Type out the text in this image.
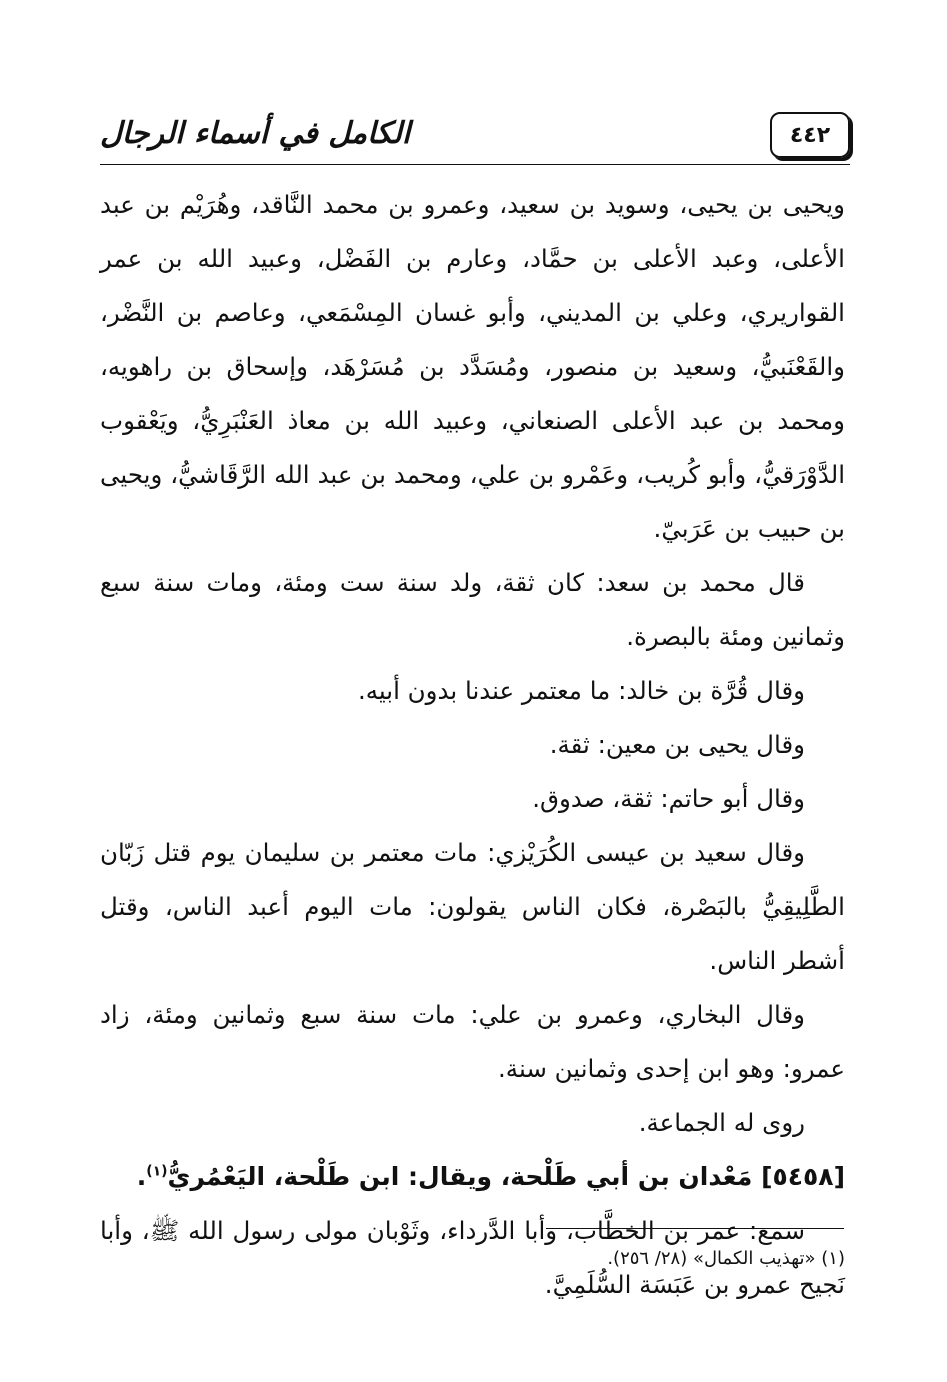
الكامل في أسماء الرجال	٤٤٢

ويحيى بن يحيى، وسويد بن سعيد، وعمرو بن محمد النَّاقد، وهُرَيْم بن عبد الأعلى، وعبد الأعلى بن حمَّاد، وعارم بن الفَضْل، وعبيد الله بن عمر القواريري، وعلي بن المديني، وأبو غسان المِسْمَعي، وعاصم بن النَّضْر، والقَعْنَبيُّ، وسعيد بن منصور، ومُسَدَّد بن مُسَرْهَد، وإسحاق بن راهويه، ومحمد بن عبد الأعلى الصنعاني، وعبيد الله بن معاذ العَنْبَرِيُّ، ويَعْقوب الدَّوْرَقيُّ، وأبو كُريب، وعَمْرو بن علي، ومحمد بن عبد الله الرَّقَاشيُّ، ويحيى بن حبيب بن عَرَبيّ.

قال محمد بن سعد: كان ثقة، ولد سنة ست ومئة، ومات سنة سبع وثمانين ومئة بالبصرة.

وقال قُرَّة بن خالد: ما معتمر عندنا بدون أبيه.

وقال يحيى بن معين: ثقة.

وقال أبو حاتم: ثقة، صدوق.

وقال سعيد بن عيسى الكُرَيْزي: مات معتمر بن سليمان يوم قتل زَبّان الطَّلِيقِيُّ بالبَصْرة، فكان الناس يقولون: مات اليوم أعبد الناس، وقتل أشطر الناس.

وقال البخاري، وعمرو بن علي: مات سنة سبع وثمانين ومئة، زاد عمرو: وهو ابن إحدى وثمانين سنة.

روى له الجماعة.

[٥٤٥٨] مَعْدان بن أبي طَلْحة، ويقال: ابن طَلْحة، اليَعْمُريُّ$^{(١)}$.

سمع: عمر بن الخطَّاب، وأبا الدَّرداء، وثَوْبان مولى رسول الله ﷺ، وأبا نَجيح عمرو بن عَبَسَة السُّلَمِيَّ.

(١) «تهذيب الكمال» (٢٨/ ٢٥٦).
